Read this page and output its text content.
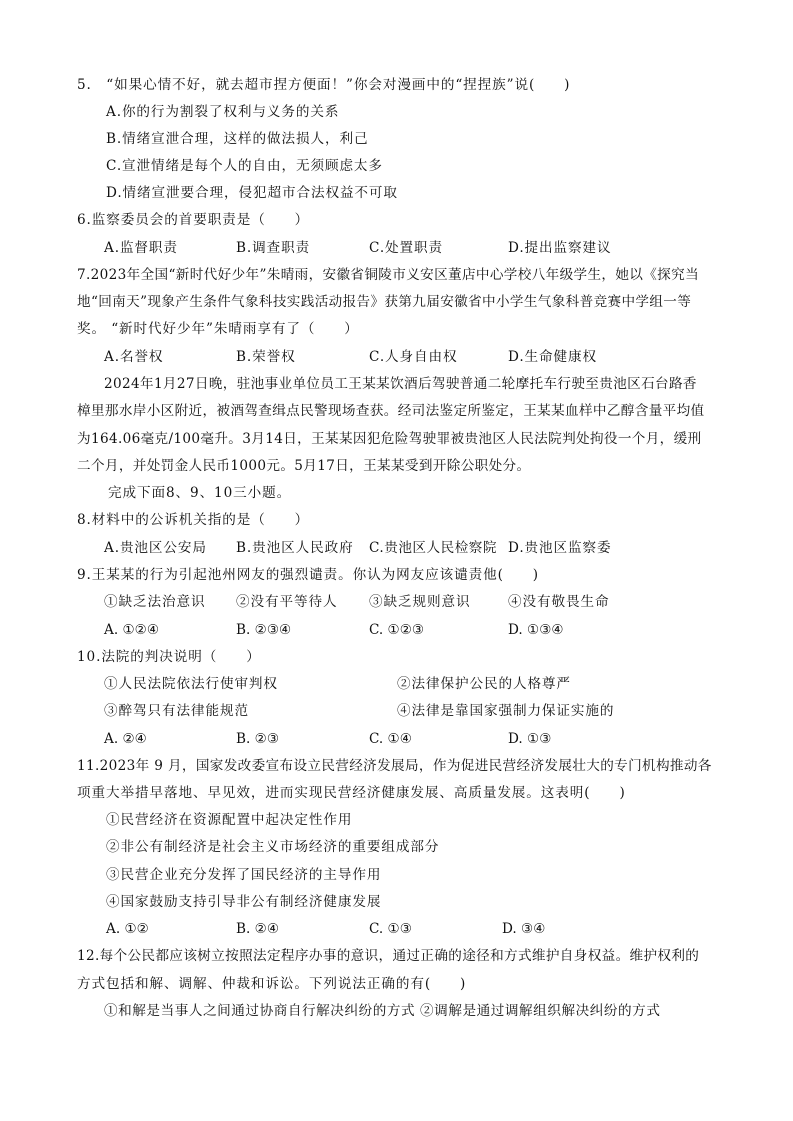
5.　“如果心情不好，就去超市捏方便面！”你会对漫画中的“捏捏族”说(　　)
A.你的行为割裂了权利与义务的关系
B.情绪宣泄合理，这样的做法损人，利己
C.宣泄情绪是每个人的自由，无须顾虑太多
D.情绪宣泄要合理，侵犯超市合法权益不可取
6.监察委员会的首要职责是（　　）
A.监督职责	B.调查职责	C.处置职责	D.提出监察建议
7.2023年全国“新时代好少年”朱晴雨，安徽省铜陵市义安区董店中心学校八年级学生，她以《探究当
地“回南天”现象产生条件气象科技实践活动报告》获第九届安徽省中小学生气象科普竞赛中学组一等
奖。 “新时代好少年”朱晴雨享有了（　　）
A.名誉权	B.荣誉权	C.人身自由权	D.生命健康权
2024年1月27日晚，驻池事业单位员工王某某饮酒后驾驶普通二轮摩托车行驶至贵池区石台路香
樟里那水岸小区附近，被酒驾查缉点民警现场查获。经司法鉴定所鉴定，王某某血样中乙醇含量平均值
为164.06毫克/100毫升。3月14日，王某某因犯危险驾驶罪被贵池区人民法院判处拘役一个月，缓刑
二个月，并处罚金人民币1000元。5月17日，王某某受到开除公职处分。
完成下面8、9、10三小题。
8.材料中的公诉机关指的是（　　）
A.贵池区公安局 B.贵池区人民政府 C.贵池区人民检察院 D.贵池区监察委
9.王某某的行为引起池州网友的强烈谴责。你认为网友应该谴责他(　　)
①缺乏法治意识 ②没有平等待人 ③缺乏规则意识	④没有敬畏生命
A. ①②④	B. ②③④	C. ①②③	D. ①③④
10.法院的判决说明（　　）
①人民法院依法行使审判权	②法律保护公民的人格尊严
③醉驾只有法律能规范	④法律是靠国家强制力保证实施的
A. ②④	B. ②③	C. ①④	D. ①③
11.2023年 9 月，国家发改委宣布设立民营经济发展局，作为促进民营经济发展壮大的专门机构推动各
项重大举措早落地、早见效，进而实现民营经济健康发展、高质量发展。这表明(　　)
①民营经济在资源配置中起决定性作用
②非公有制经济是社会主义市场经济的重要组成部分
③民营企业充分发挥了国民经济的主导作用
④国家鼓励支持引导非公有制经济健康发展
A. ①②	B. ②④	C. ①③	D. ③④
12.每个公民都应该树立按照法定程序办事的意识，通过正确的途径和方式维护自身权益。维护权利的
方式包括和解、调解、仲裁和诉讼。下列说法正确的有(　　)
①和解是当事人之间通过协商自行解决纠纷的方式 ②调解是通过调解组织解决纠纷的方式
